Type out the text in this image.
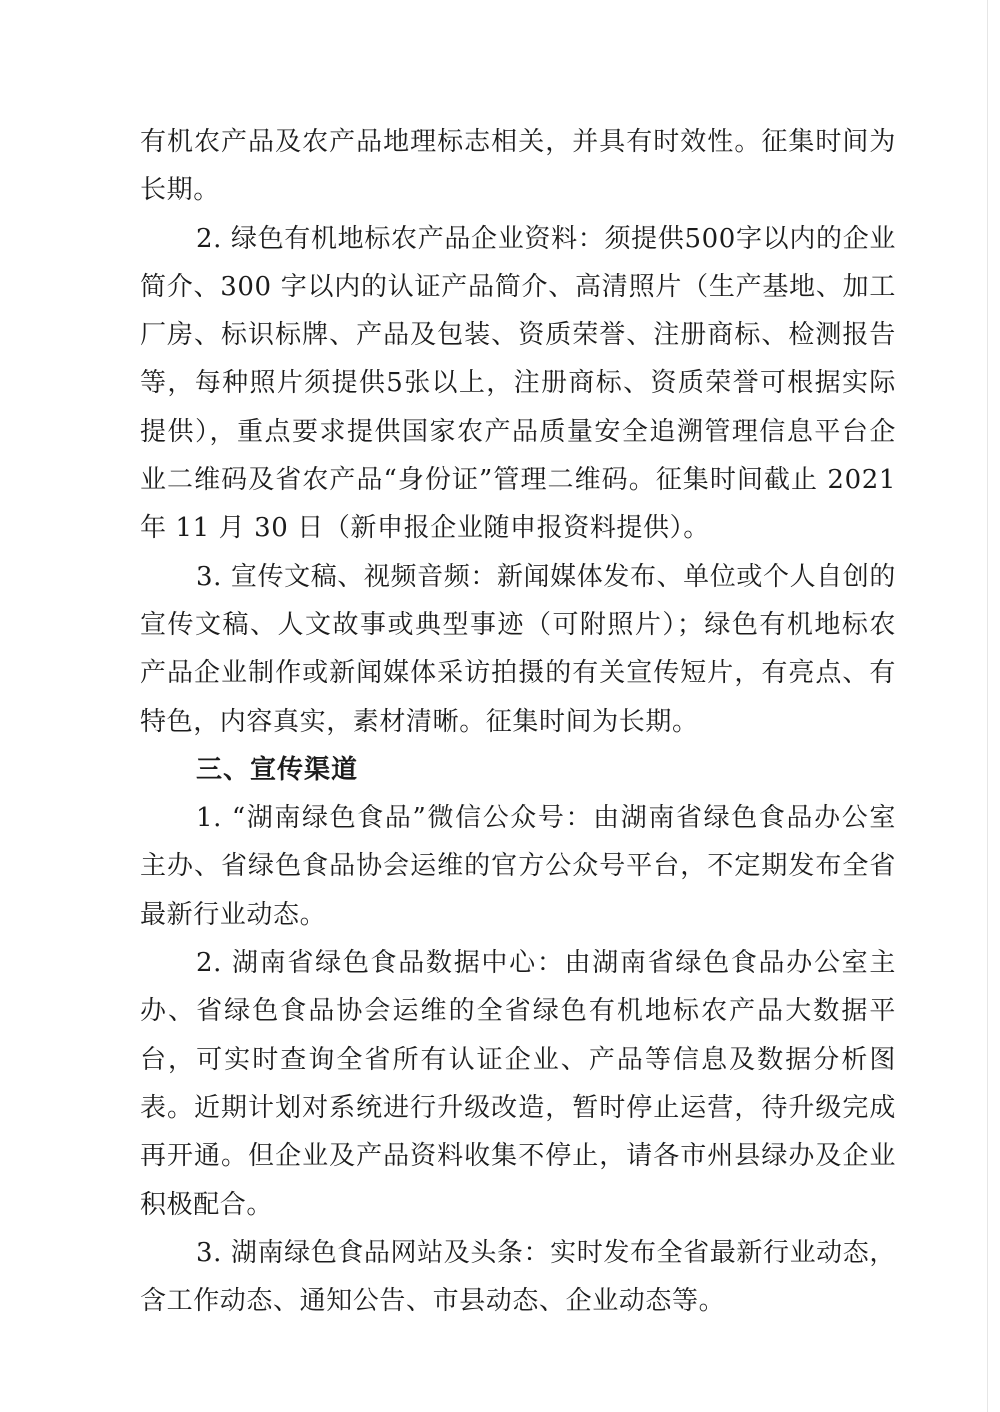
有机农产品及农产品地理标志相关，并具有时效性。征集时间为长期。

2. 绿色有机地标农产品企业资料：须提供500字以内的企业简介、300 字以内的认证产品简介、高清照片（生产基地、加工厂房、标识标牌、产品及包装、资质荣誉、注册商标、检测报告等，每种照片须提供5张以上，注册商标、资质荣誉可根据实际提供），重点要求提供国家农产品质量安全追溯管理信息平台企业二维码及省农产品“身份证”管理二维码。征集时间截止 2021年 11 月 30 日（新申报企业随申报资料提供）。

3. 宣传文稿、视频音频：新闻媒体发布、单位或个人自创的宣传文稿、人文故事或典型事迹（可附照片）；绿色有机地标农产品企业制作或新闻媒体采访拍摄的有关宣传短片，有亮点、有特色，内容真实，素材清晰。征集时间为长期。

三、宣传渠道

1. “湖南绿色食品”微信公众号：由湖南省绿色食品办公室主办、省绿色食品协会运维的官方公众号平台，不定期发布全省最新行业动态。

2. 湖南省绿色食品数据中心：由湖南省绿色食品办公室主办、省绿色食品协会运维的全省绿色有机地标农产品大数据平台，可实时查询全省所有认证企业、产品等信息及数据分析图表。近期计划对系统进行升级改造，暂时停止运营，待升级完成再开通。但企业及产品资料收集不停止，请各市州县绿办及企业积极配合。

3. 湖南绿色食品网站及头条：实时发布全省最新行业动态，含工作动态、通知公告、市县动态、企业动态等。
